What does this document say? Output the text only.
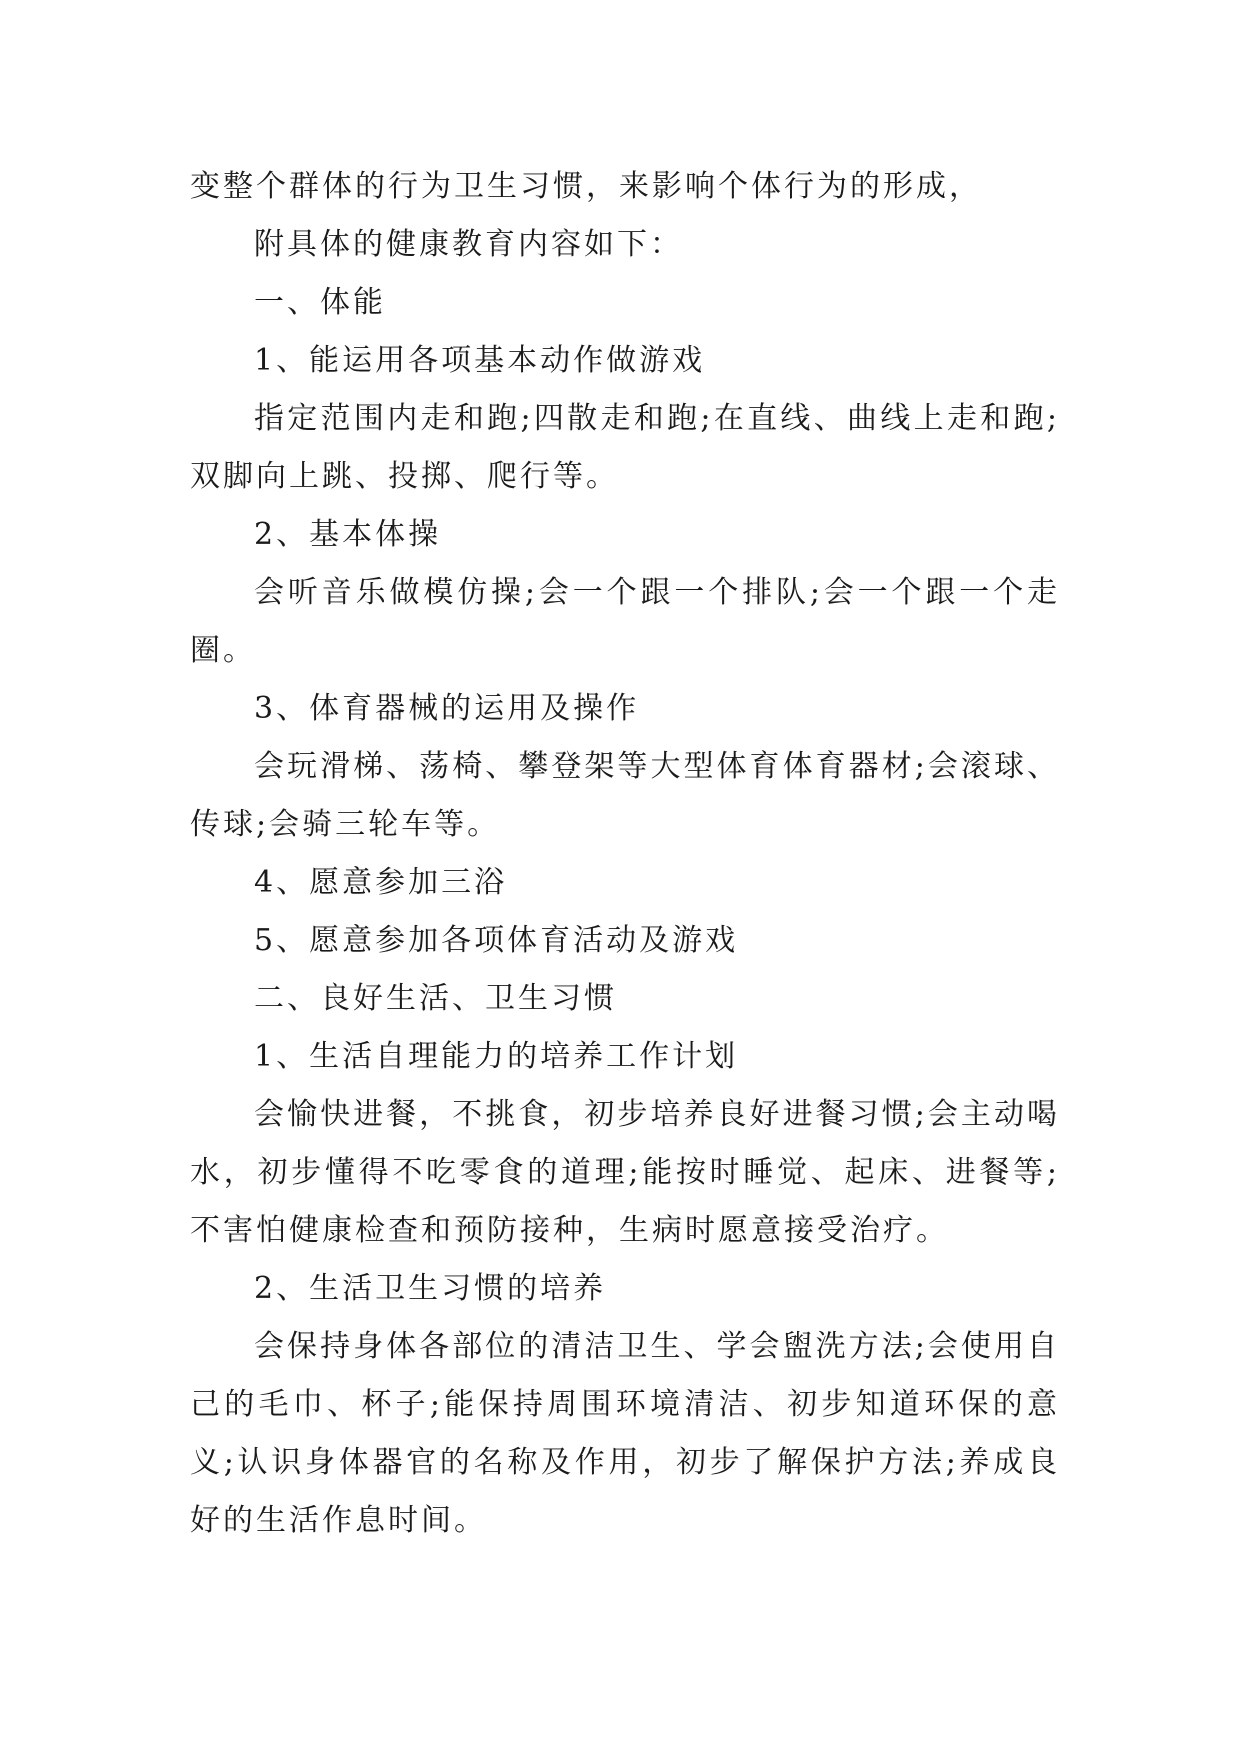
变整个群体的行为卫生习惯，来影响个体行为的形成，

附具体的健康教育内容如下：

一、体能

1、能运用各项基本动作做游戏

指定范围内走和跑;四散走和跑;在直线、曲线上走和跑;双脚向上跳、投掷、爬行等。

2、基本体操

会听音乐做模仿操;会一个跟一个排队;会一个跟一个走圈。

3、体育器械的运用及操作

会玩滑梯、荡椅、攀登架等大型体育体育器材;会滚球、传球;会骑三轮车等。

4、愿意参加三浴

5、愿意参加各项体育活动及游戏

二、良好生活、卫生习惯

1、生活自理能力的培养工作计划

会愉快进餐，不挑食，初步培养良好进餐习惯;会主动喝水，初步懂得不吃零食的道理;能按时睡觉、起床、进餐等;不害怕健康检查和预防接种，生病时愿意接受治疗。

2、生活卫生习惯的培养

会保持身体各部位的清洁卫生、学会盥洗方法;会使用自己的毛巾、杯子;能保持周围环境清洁、初步知道环保的意义;认识身体器官的名称及作用，初步了解保护方法;养成良好的生活作息时间。
